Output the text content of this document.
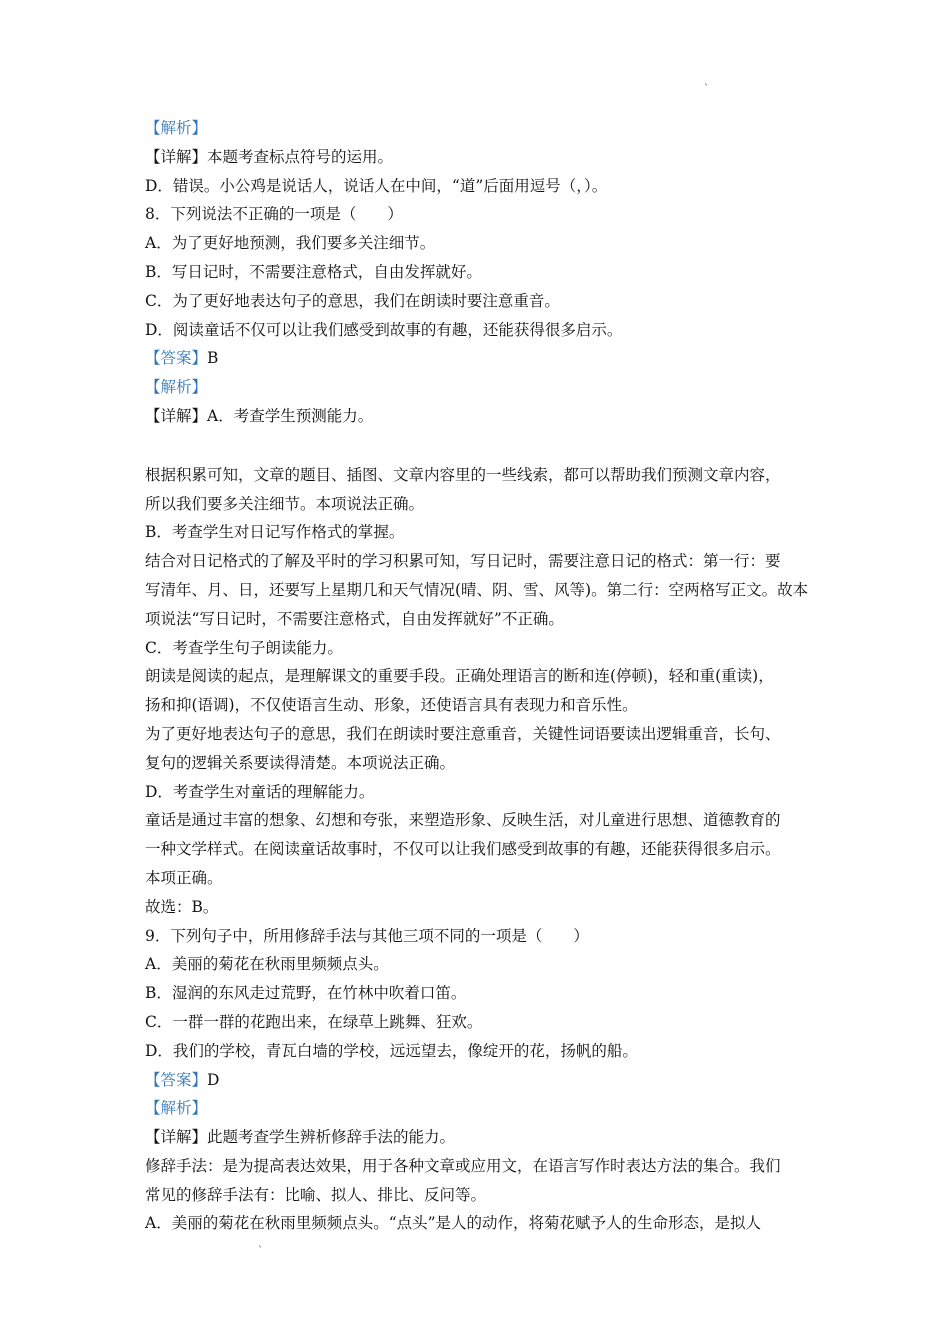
`
`
【解析】
【详解】本题考查标点符号的运用。
D．错误。小公鸡是说话人，说话人在中间，“道”后面用逗号（，）。
8．下列说法不正确的一项是（　　）
A．为了更好地预测，我们要多关注细节。
B．写日记时，不需要注意格式，自由发挥就好。
C．为了更好地表达句子的意思，我们在朗读时要注意重音。
D．阅读童话不仅可以让我们感受到故事的有趣，还能获得很多启示。
【答案】B
【解析】
【详解】A．考查学生预测能力。
根据积累可知，文章的题目、插图、文章内容里的一些线索，都可以帮助我们预测文章内容，
所以我们要多关注细节。本项说法正确。
B．考查学生对日记写作格式的掌握。
结合对日记格式的了解及平时的学习积累可知，写日记时，需要注意日记的格式：第一行：要
写清年、月、日，还要写上星期几和天气情况(晴、阴、雪、风等)。第二行：空两格写正文。故本
项说法“写日记时，不需要注意格式，自由发挥就好”不正确。
C．考查学生句子朗读能力。
朗读是阅读的起点，是理解课文的重要手段。正确处理语言的断和连(停顿)，轻和重(重读)，
扬和抑(语调)，不仅使语言生动、形象，还使语言具有表现力和音乐性。
为了更好地表达句子的意思，我们在朗读时要注意重音，关键性词语要读出逻辑重音，长句、
复句的逻辑关系要读得清楚。本项说法正确。
D．考查学生对童话的理解能力。
童话是通过丰富的想象、幻想和夸张，来塑造形象、反映生活，对儿童进行思想、道德教育的
一种文学样式。在阅读童话故事时，不仅可以让我们感受到故事的有趣，还能获得很多启示。
本项正确。
故选：B。
9．下列句子中，所用修辞手法与其他三项不同的一项是（　　）
A．美丽的菊花在秋雨里频频点头。
B．湿润的东风走过荒野，在竹林中吹着口笛。
C．一群一群的花跑出来，在绿草上跳舞、狂欢。
D．我们的学校，青瓦白墙的学校，远远望去，像绽开的花，扬帆的船。
【答案】D
【解析】
【详解】此题考查学生辨析修辞手法的能力。
修辞手法：是为提高表达效果，用于各种文章或应用文，在语言写作时表达方法的集合。我们
常见的修辞手法有：比喻、拟人、排比、反问等。
A．美丽的菊花在秋雨里频频点头。“点头”是人的动作，将菊花赋予人的生命形态，是拟人
